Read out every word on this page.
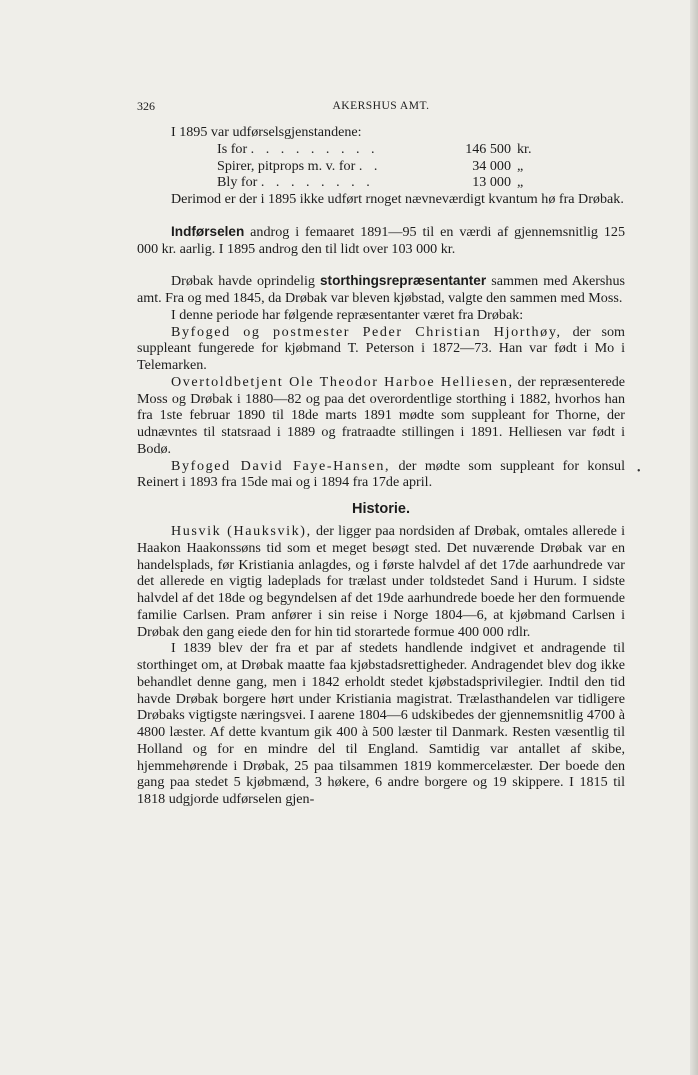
326	AKERSHUS AMT.

I 1895 var udførselsgjenstandene:

Is for . . . . . . . . .	146 500 kr.
Spirer, pitprops m. v. for . .	34 000 „
Bly for . . . . . . . .	13 000 „

Derimod er der i 1895 ikke udført rnoget nævneværdigt kvantum hø fra Drøbak.

Indførselen androg i femaaret 1891—95 til en værdi af gjennemsnitlig 125 000 kr. aarlig. I 1895 androg den til lidt over 103 000 kr.

Drøbak havde oprindelig storthingsrepræsentanter sammen med Akershus amt. Fra og med 1845, da Drøbak var bleven kjøbstad, valgte den sammen med Moss.

I denne periode har følgende repræsentanter været fra Drøbak:

Byfoged og postmester Peder Christian Hjorthøy, der som suppleant fungerede for kjøbmand T. Peterson i 1872—73. Han var født i Mo i Telemarken.

Overtoldbetjent Ole Theodor Harboe Helliesen, der repræsenterede Moss og Drøbak i 1880—82 og paa det overordentlige storthing i 1882, hvorhos han fra 1ste februar 1890 til 18de marts 1891 mødte som suppleant for Thorne, der udnævntes til statsraad i 1889 og fratraadte stillingen i 1891. Helliesen var født i Bodø.

Byfoged David Faye-Hansen, der mødte som suppleant for konsul Reinert i 1893 fra 15de mai og i 1894 fra 17de april.

Historie.

Husvik (Hauksvik), der ligger paa nordsiden af Drøbak, omtales allerede i Haakon Haakonssøns tid som et meget besøgt sted. Det nuværende Drøbak var en handelsplads, før Kristiania anlagdes, og i første halvdel af det 17de aarhundrede var det allerede en vigtig ladeplads for trælast under toldstedet Sand i Hurum. I sidste halvdel af det 18de og begyndelsen af det 19de aarhundrede boede her den formuende familie Carlsen. Pram anfører i sin reise i Norge 1804—6, at kjøbmand Carlsen i Drøbak den gang eiede den for hin tid storartede formue 400 000 rdlr.

I 1839 blev der fra et par af stedets handlende indgivet et andragende til storthinget om, at Drøbak maatte faa kjøbstadsrettigheder. Andragendet blev dog ikke behandlet denne gang, men i 1842 erholdt stedet kjøbstadsprivilegier. Indtil den tid havde Drøbak borgere hørt under Kristiania magistrat. Trælasthandelen var tidligere Drøbaks vigtigste næringsvei. I aarene 1804—6 udskibedes der gjennemsnitlig 4700 à 4800 læster. Af dette kvantum gik 400 à 500 læster til Danmark. Resten væsentlig til Holland og for en mindre del til England. Samtidig var antallet af skibe, hjemmehørende i Drøbak, 25 paa tilsammen 1819 kommercelæster. Der boede den gang paa stedet 5 kjøbmænd, 3 høkere, 6 andre borgere og 19 skippere. I 1815 til 1818 udgjorde udførselen gjen-

•
